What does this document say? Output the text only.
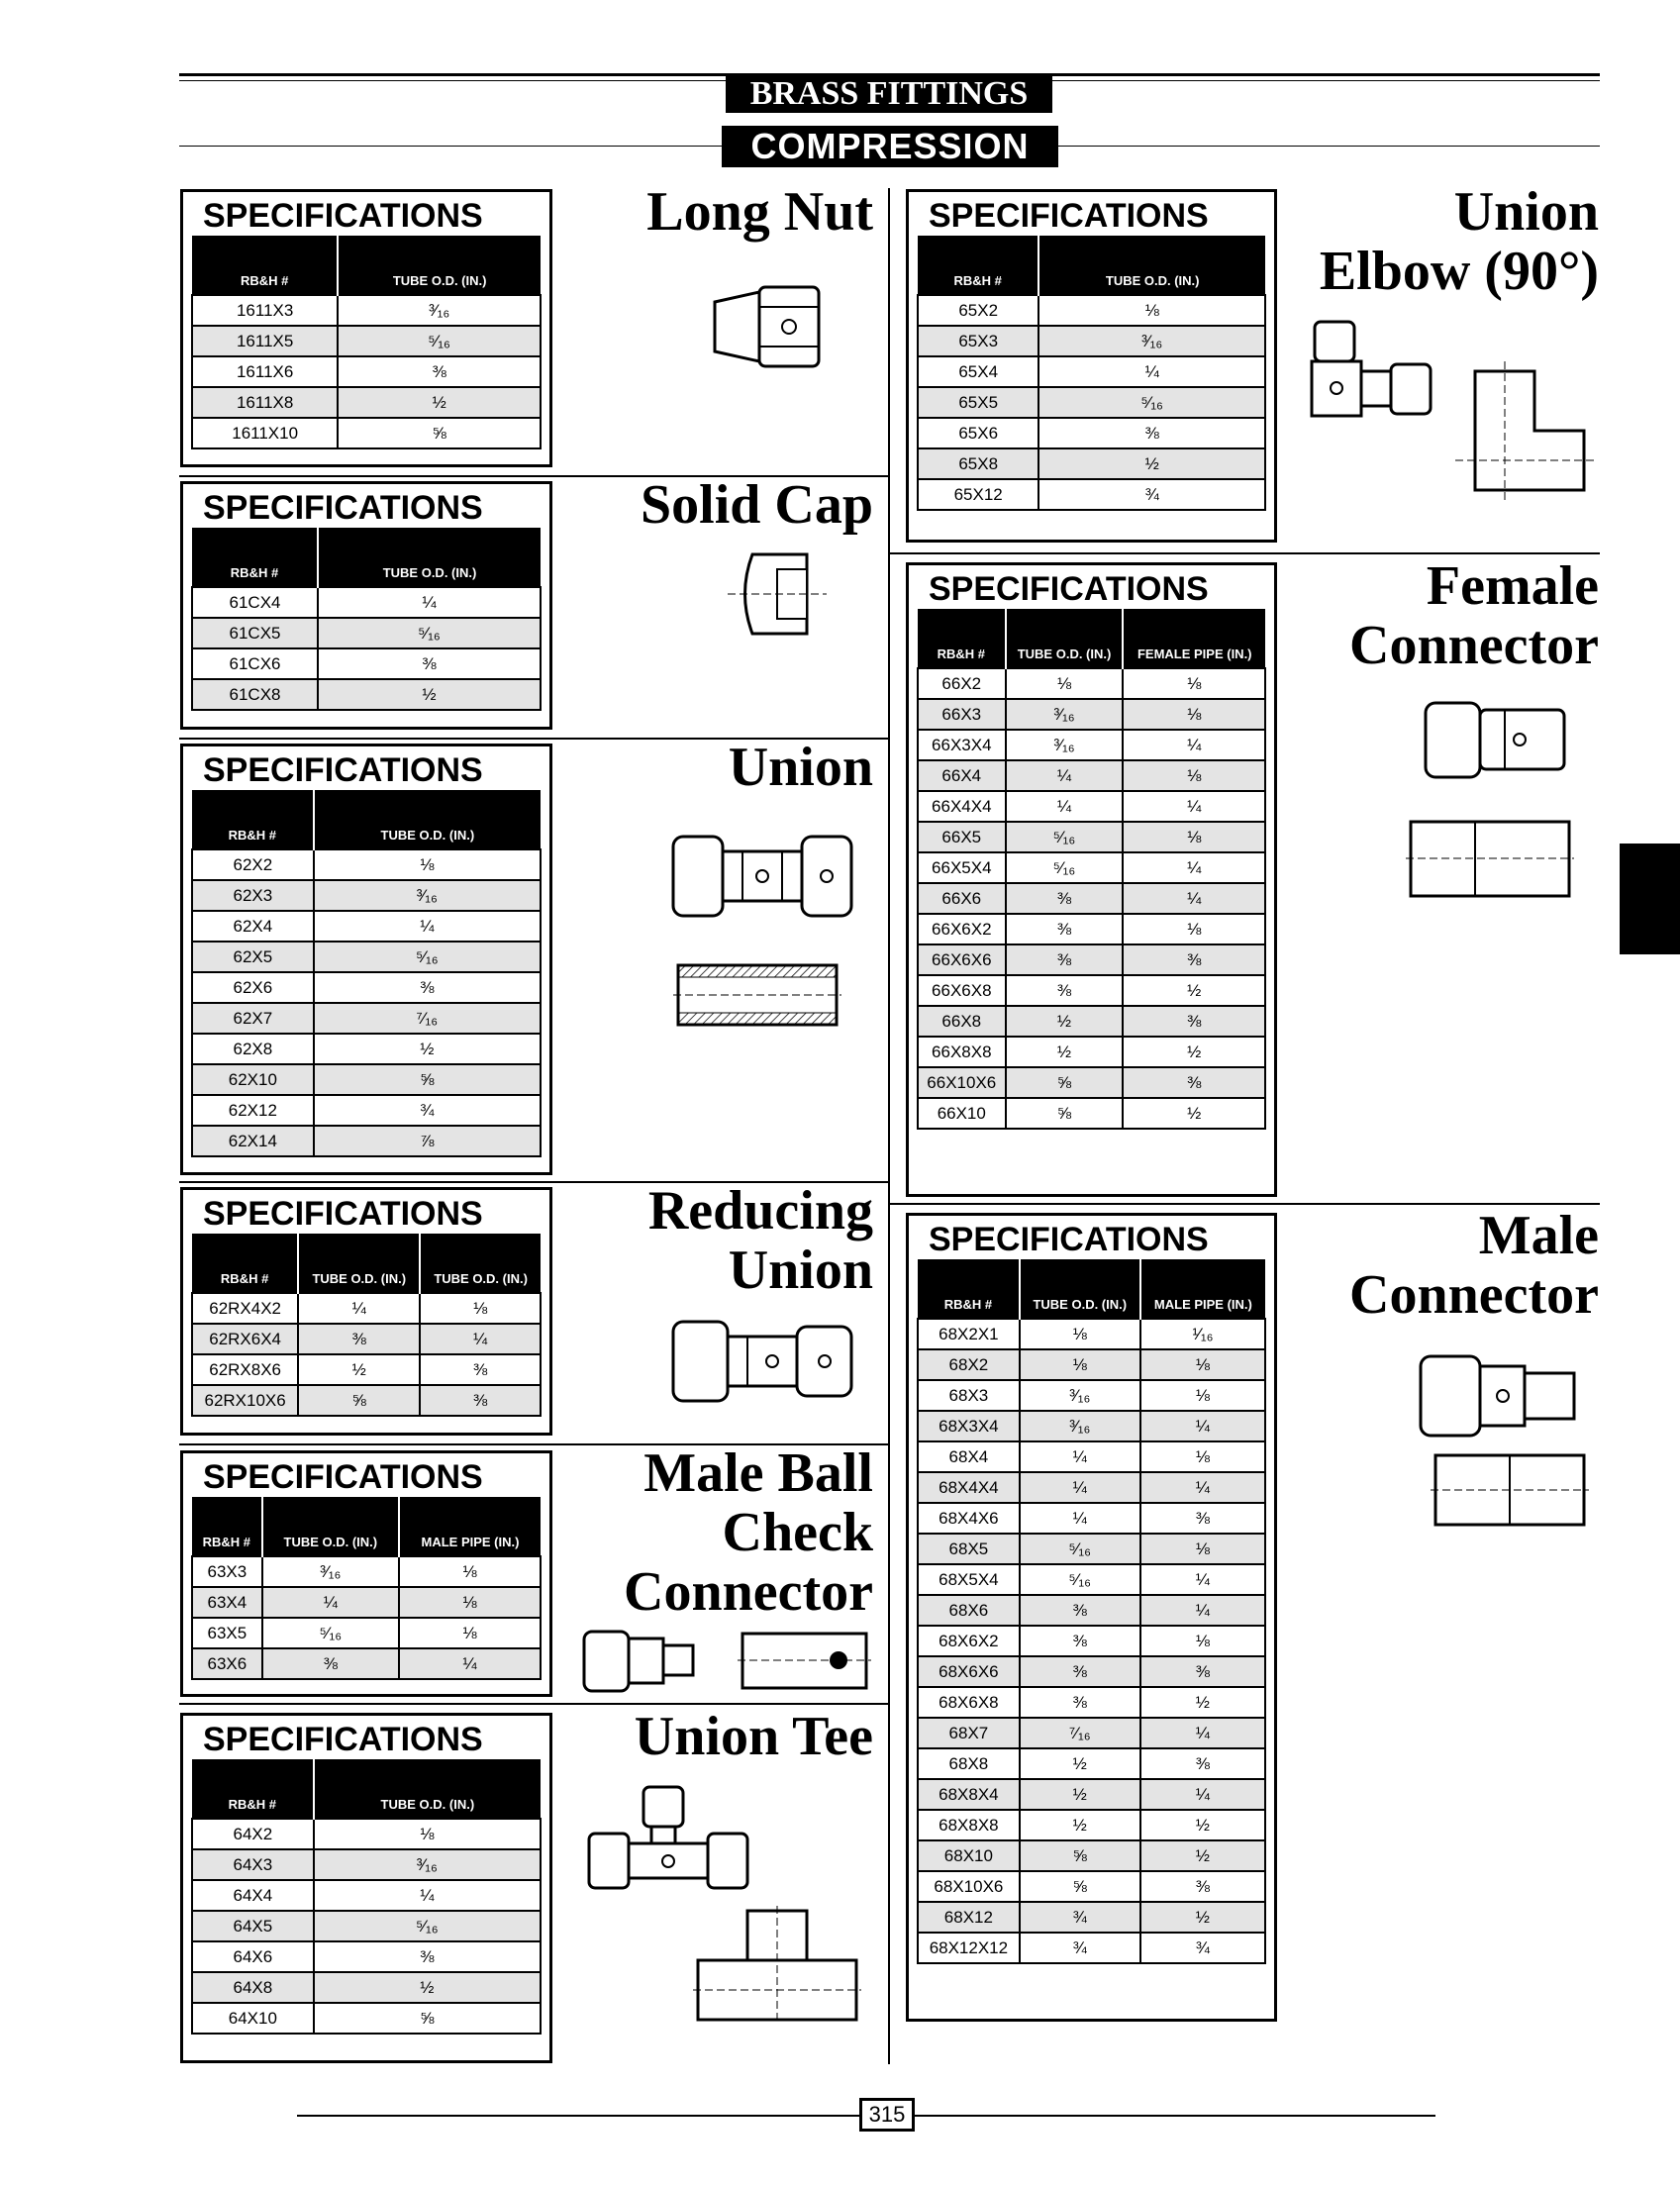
BRASS FITTINGS
COMPRESSION
SPECIFICATIONS
RB&H #	TUBE O.D. (IN.)
1611X3	³⁄₁₆
1611X5	⁵⁄₁₆
1611X6	⅜
1611X8	½
1611X10	⅝
Long Nut
SPECIFICATIONS
RB&H #	TUBE O.D. (IN.)
61CX4	¼
61CX5	⁵⁄₁₆
61CX6	⅜
61CX8	½
Solid Cap
SPECIFICATIONS
RB&H #	TUBE O.D. (IN.)
62X2	⅛
62X3	³⁄₁₆
62X4	¼
62X5	⁵⁄₁₆
62X6	⅜
62X7	⁷⁄₁₆
62X8	½
62X10	⅝
62X12	¾
62X14	⅞
Union
SPECIFICATIONS
RB&H #	TUBE O.D. (IN.)	TUBE O.D. (IN.)
62RX4X2	¼	⅛
62RX6X4	⅜	¼
62RX8X6	½	⅜
62RX10X6	⅝	⅜
Reducing
Union
SPECIFICATIONS
RB&H #	TUBE O.D. (IN.)	MALE PIPE (IN.)
63X3	³⁄₁₆	⅛
63X4	¼	⅛
63X5	⁵⁄₁₆	⅛
63X6	⅜	¼
Male Ball
Check
Connector
SPECIFICATIONS
RB&H #	TUBE O.D. (IN.)
64X2	⅛
64X3	³⁄₁₆
64X4	¼
64X5	⁵⁄₁₆
64X6	⅜
64X8	½
64X10	⅝
Union Tee
SPECIFICATIONS
RB&H #	TUBE O.D. (IN.)
65X2	⅛
65X3	³⁄₁₆
65X4	¼
65X5	⁵⁄₁₆
65X6	⅜
65X8	½
65X12	¾
Union
Elbow (90°)
SPECIFICATIONS
RB&H #	TUBE O.D. (IN.)	FEMALE PIPE (IN.)
66X2	⅛	⅛
66X3	³⁄₁₆	⅛
66X3X4	³⁄₁₆	¼
66X4	¼	⅛
66X4X4	¼	¼
66X5	⁵⁄₁₆	⅛
66X5X4	⁵⁄₁₆	¼
66X6	⅜	¼
66X6X2	⅜	⅛
66X6X6	⅜	⅜
66X6X8	⅜	½
66X8	½	⅜
66X8X8	½	½
66X10X6	⅝	⅜
66X10	⅝	½
Female
Connector
SPECIFICATIONS
RB&H #	TUBE O.D. (IN.)	MALE PIPE (IN.)
68X2X1	⅛	¹⁄₁₆
68X2	⅛	⅛
68X3	³⁄₁₆	⅛
68X3X4	³⁄₁₆	¼
68X4	¼	⅛
68X4X4	¼	¼
68X4X6	¼	⅜
68X5	⁵⁄₁₆	⅛
68X5X4	⁵⁄₁₆	¼
68X6	⅜	¼
68X6X2	⅜	⅛
68X6X6	⅜	⅜
68X6X8	⅜	½
68X7	⁷⁄₁₆	¼
68X8	½	⅜
68X8X4	½	¼
68X8X8	½	½
68X10	⅝	½
68X10X6	⅝	⅜
68X12	¾	½
68X12X12	¾	¾
Male
Connector
315
